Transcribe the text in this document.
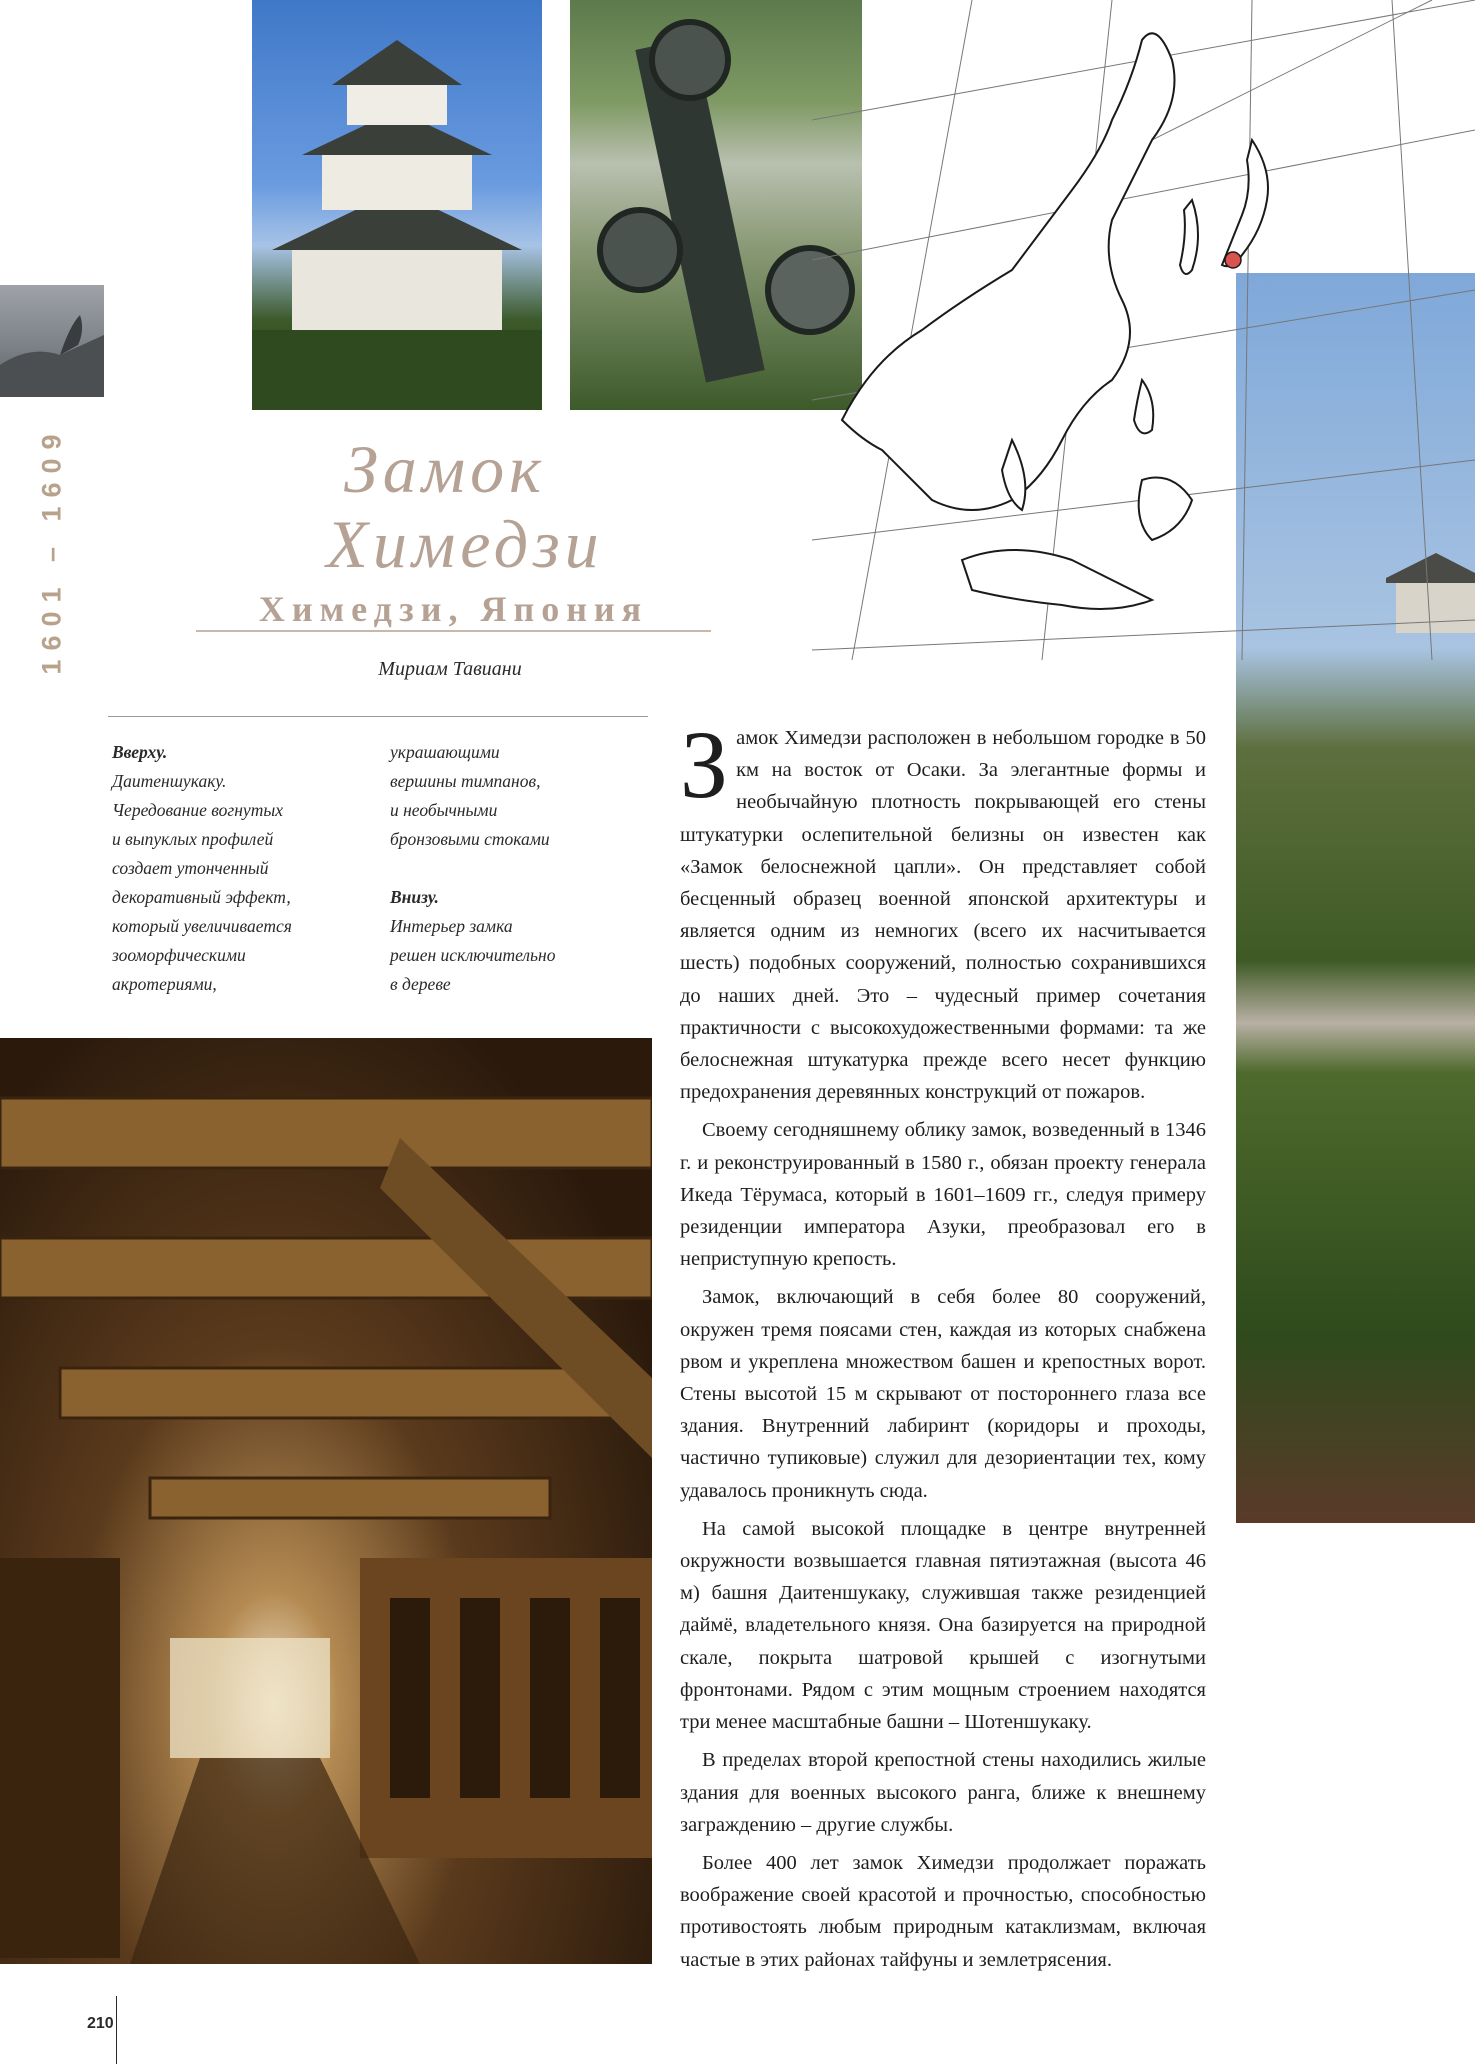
1601 – 1609	Замок
Химедзи
Химедзи, Япония
Мириам Тавиани
Вверху.
Даитеншукаку.
Чередование вогнутых
и выпуклых профилей
создает утонченный
декоративный эффект,
который увеличивается
зооморфическими
акротериями,
украшающими
вершины тимпанов,
и необычными
бронзовыми стоками
Внизу.
Интерьер замка
решен исключительно
в дереве

Замок Химедзи расположен в небольшом городке в 50 км на восток от Осаки. За элегантные формы и необычайную плотность покрывающей его стены штукатурки ослепительной белизны он известен как «Замок белоснежной цапли». Он представляет собой бесценный образец военной японской архитектуры и является одним из немногих (всего их насчитывается шесть) подобных сооружений, полностью сохранившихся до наших дней. Это – чудесный пример сочетания практичности с высокохудожественными формами: та же белоснежная штукатурка прежде всего несет функцию предохранения деревянных конструкций от пожаров.

Своему сегодняшнему облику замок, возведенный в 1346 г. и реконструированный в 1580 г., обязан проекту генерала Икеда Тёрумаса, который в 1601–1609 гг., следуя примеру резиденции императора Азуки, преобразовал его в неприступную крепость.

Замок, включающий в себя более 80 сооружений, окружен тремя поясами стен, каждая из которых снабжена рвом и укреплена множеством башен и крепостных ворот. Стены высотой 15 м скрывают от постороннего глаза все здания. Внутренний лабиринт (коридоры и проходы, частично тупиковые) служил для дезориентации тех, кому удавалось проникнуть сюда.

На самой высокой площадке в центре внутренней окружности возвышается главная пятиэтажная (высота 46 м) башня Даитеншукаку, служившая также резиденцией даймё, владетельного князя. Она базируется на природной скале, покрыта шатровой крышей с изогнутыми фронтонами. Рядом с этим мощным строением находятся три менее масштабные башни – Шотеншукаку.

В пределах второй крепостной стены находились жилые здания для военных высокого ранга, ближе к внешнему заграждению – другие службы.

Более 400 лет замок Химедзи продолжает поражать воображение своей красотой и прочностью, способностью противостоять любым природным катаклизмам, включая частые в этих районах тайфуны и землетрясения.

210
